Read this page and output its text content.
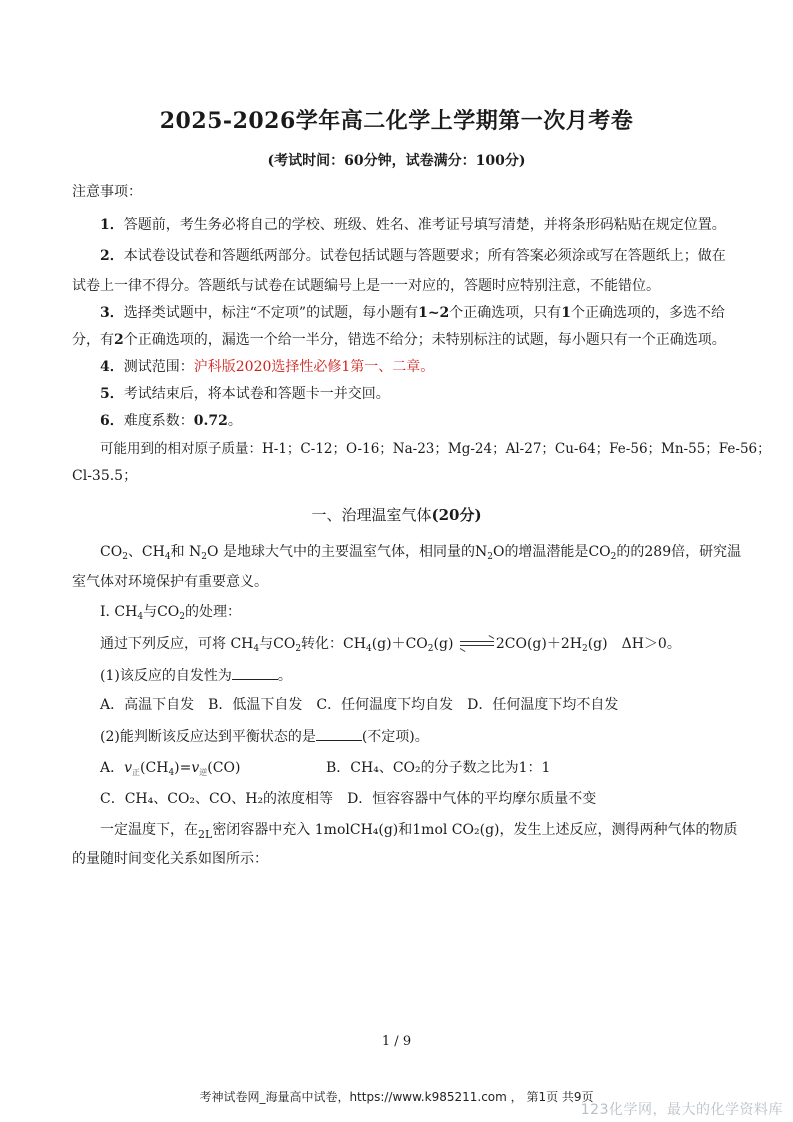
2025-2026学年高二化学上学期第一次月考卷
(考试时间：60分钟，试卷满分：100分)
注意事项：
1．答题前，考生务必将自己的学校、班级、姓名、准考证号填写清楚，并将条形码粘贴在规定位置。
2．本试卷设试卷和答题纸两部分。试卷包括试题与答题要求；所有答案必须涂或写在答题纸上；做在
试卷上一律不得分。答题纸与试卷在试题编号上是一一对应的，答题时应特别注意，不能错位。
3．选择类试题中，标注“不定项”的试题，每小题有1~2个正确选项，只有1个正确选项的，多选不给
分，有2个正确选项的，漏选一个给一半分，错选不给分；未特别标注的试题，每小题只有一个正确选项。
4．测试范围：沪科版2020选择性必修1第一、二章。
5．考试结束后，将本试卷和答题卡一并交回。
6．难度系数：0.72。
可能用到的相对原子质量：H-1；C-12；O-16；Na-23；Mg-24；Al-27；Cu-64；Fe-56；Mn-55；Fe-56；
Cl-35.5；
一、治理温室气体(20分)
$CO_2$、$CH_4$和 $N_2O$ 是地球大气中的主要温室气体，相同量的$N_2O$的增温潜能是$CO_2$的的289倍，研究温
室气体对环境保护有重要意义。
I. $CH_4$与$CO_2$的处理：
通过下列反应，可将 $CH_4$与$CO_2$转化：$CH_4(g)+CO_2(g)$	$2CO(g)+2H_2(g)$　ΔH＞0。
(1)该反应的自发性为	。
A．高温下自发　B．低温下自发　C．任何温度下均自发　D．任何温度下均不自发
(2)能判断该反应达到平衡状态的是	(不定项)。
A．$v_正(CH_4)=v_逆(CO)$	B．CH₄、CO₂的分子数之比为1：1
C．CH₄、CO₂、CO、H₂的浓度相等　 D．恒容容器中气体的平均摩尔质量不变
一定温度下，在$_{2L}$密闭容器中充入 1molCH₄(g)和1mol CO₂(g)，发生上述反应，测得两种气体的物质
的量随时间变化关系如图所示：
1 / 9
考神试卷网_海量高中试卷，https://www.k985211.com ， 第1页 共9页
123化学网，最大的化学资料库
